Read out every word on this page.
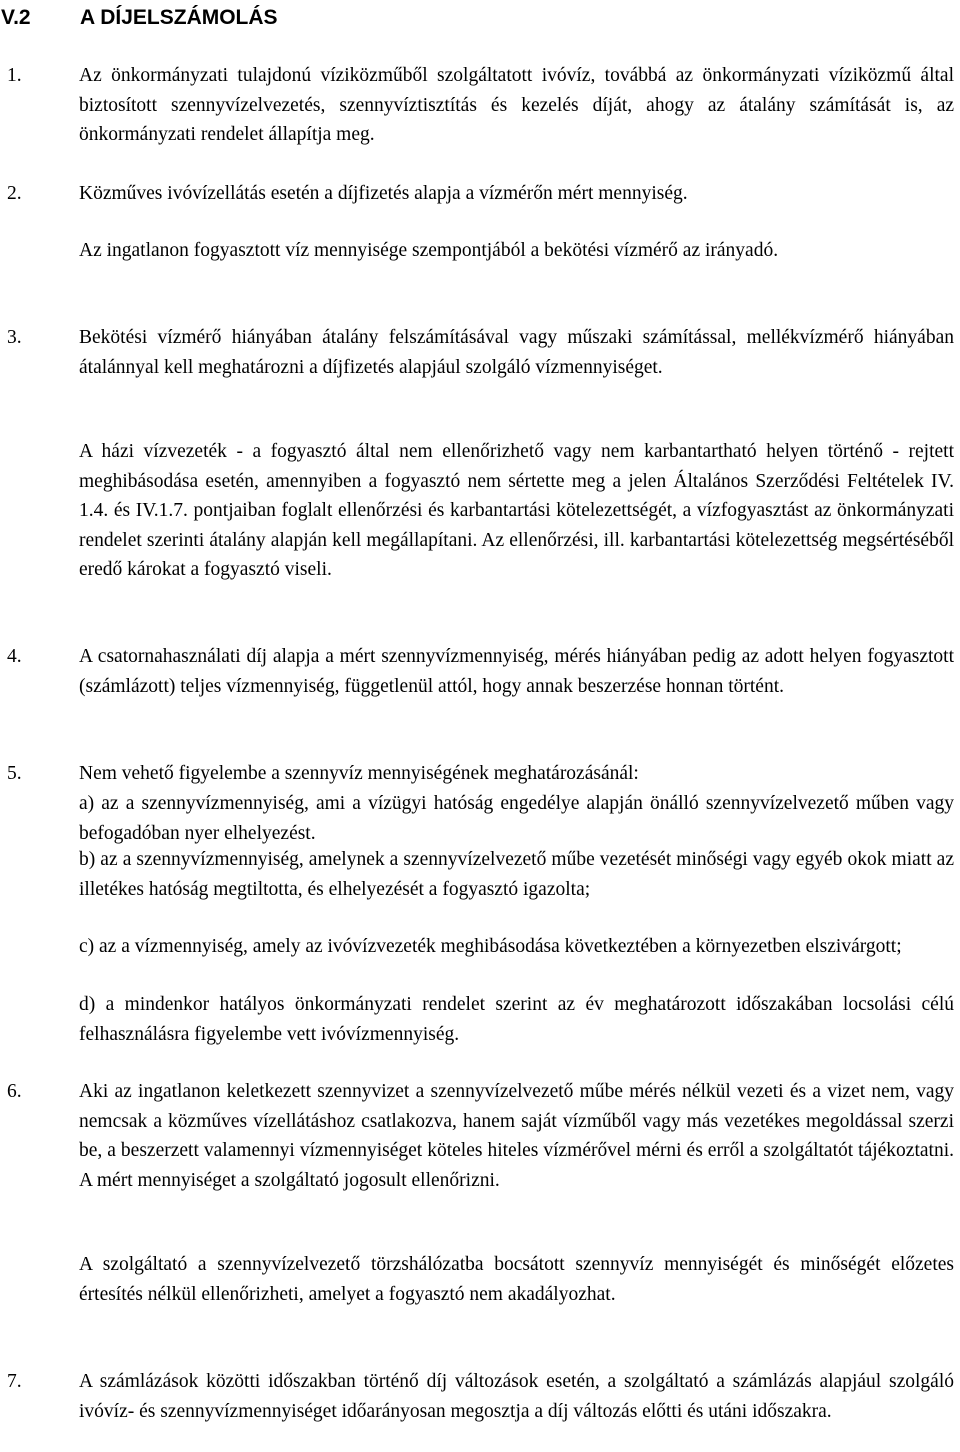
V.2 A DÍJELSZÁMOLÁS
1.	Az önkormányzati tulajdonú víziközműből szolgáltatott ivóvíz, továbbá az önkormányzati víziközmű által biztosított szennyvízelvezetés, szennyvíztisztítás és kezelés díját, ahogy az átalány számítását is, az önkormányzati rendelet állapítja meg.

2.	Közműves ivóvízellátás esetén a díjfizetés alapja a vízmérőn mért mennyiség.

Az ingatlanon fogyasztott víz mennyisége szempontjából a bekötési vízmérő az irányadó.

3.	Bekötési vízmérő hiányában átalány felszámításával vagy műszaki számítással, mellékvízmérő hiányában átalánnyal kell meghatározni a díjfizetés alapjául szolgáló vízmennyiséget.

A házi vízvezeték - a fogyasztó által nem ellenőrizhető vagy nem karbantartható helyen történő - rejtett meghibásodása esetén, amennyiben a fogyasztó nem sértette meg a jelen Általános Szerződési Feltételek IV. 1.4. és IV.1.7. pontjaiban foglalt ellenőrzési és karbantartási kötelezettségét, a vízfogyasztást az önkormányzati rendelet szerinti átalány alapján kell megállapítani. Az ellenőrzési, ill. karbantartási kötelezettség megsértéséből eredő károkat a fogyasztó viseli.

4.	A csatornahasználati díj alapja a mért szennyvízmennyiség, mérés hiányában pedig az adott helyen fogyasztott (számlázott) teljes vízmennyiség, függetlenül attól, hogy annak beszerzése honnan történt.

5.	Nem vehető figyelembe a szennyvíz mennyiségének meghatározásánál:

a) az a szennyvízmennyiség, ami a vízügyi hatóság engedélye alapján önálló szennyvízelvezető műben vagy befogadóban nyer elhelyezést.

b) az a szennyvízmennyiség, amelynek a szennyvízelvezető műbe vezetését minőségi vagy egyéb okok miatt az illetékes hatóság megtiltotta, és elhelyezését a fogyasztó igazolta;

c) az a vízmennyiség, amely az ivóvízvezeték meghibásodása következtében a környezetben elszivárgott;

d) a mindenkor hatályos önkormányzati rendelet szerint az év meghatározott időszakában locsolási célú felhasználásra figyelembe vett ivóvízmennyiség.

6.	Aki az ingatlanon keletkezett szennyvizet a szennyvízelvezető műbe mérés nélkül vezeti és a vizet nem, vagy nemcsak a közműves vízellátáshoz csatlakozva, hanem saját vízműből vagy más vezetékes megoldással szerzi be, a beszerzett valamennyi vízmennyiséget köteles hiteles vízmérővel mérni és erről a szolgáltatót tájékoztatni. A mért mennyiséget a szolgáltató jogosult ellenőrizni.

A szolgáltató a szennyvízelvezető törzshálózatba bocsátott szennyvíz mennyiségét és minőségét előzetes értesítés nélkül ellenőrizheti, amelyet a fogyasztó nem akadályozhat.

7.	A számlázások közötti időszakban történő díj változások esetén, a szolgáltató a számlázás alapjául szolgáló ivóvíz- és szennyvízmennyiséget időarányosan megosztja a díj változás előtti és utáni időszakra.
